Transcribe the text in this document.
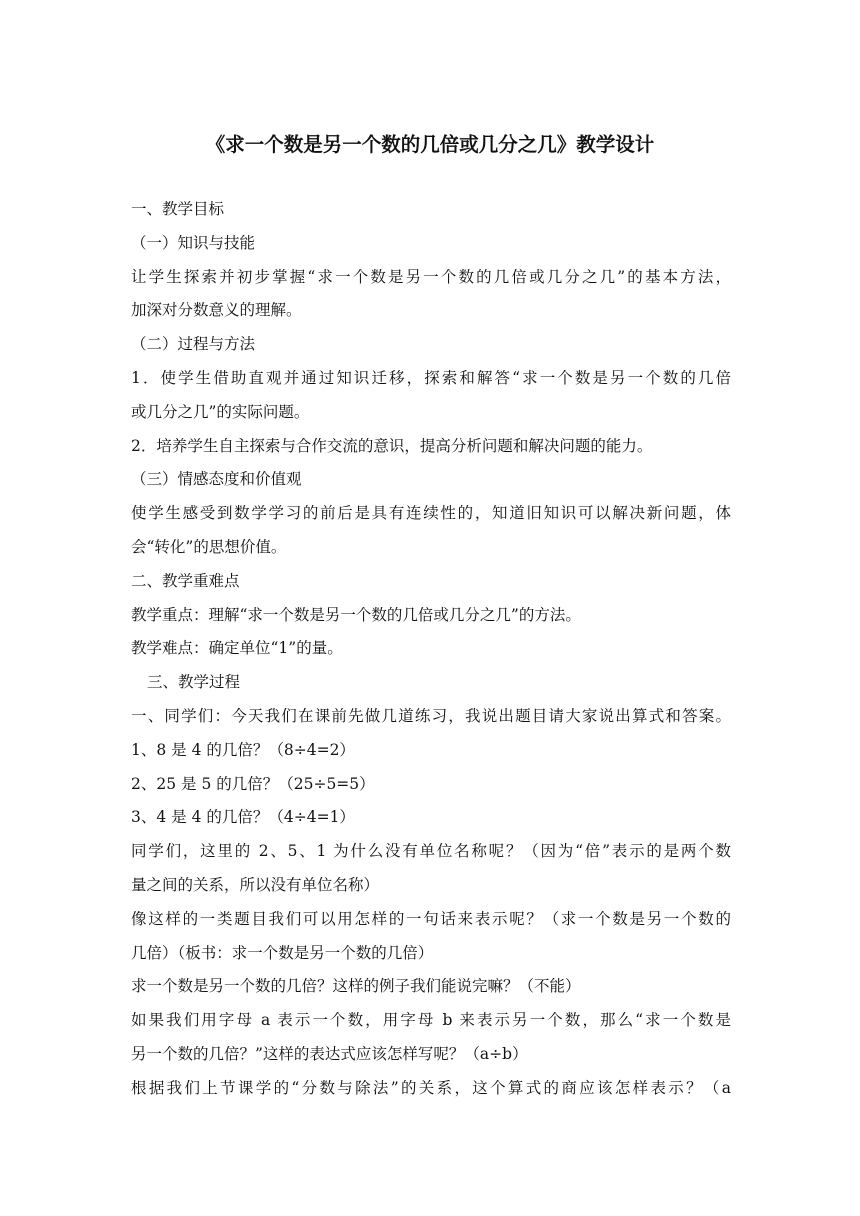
《求一个数是另一个数的几倍或几分之几》教学设计
一、教学目标
（一）知识与技能
让学生探索并初步掌握“求一个数是另一个数的几倍或几分之几”的基本方法，
加深对分数意义的理解。
（二）过程与方法
1．使学生借助直观并通过知识迁移，探索和解答“求一个数是另一个数的几倍
或几分之几”的实际问题。
2．培养学生自主探索与合作交流的意识，提高分析问题和解决问题的能力。
（三）情感态度和价值观
使学生感受到数学学习的前后是具有连续性的，知道旧知识可以解决新问题，体
会“转化”的思想价值。
二、教学重难点
教学重点：理解“求一个数是另一个数的几倍或几分之几”的方法。
教学难点：确定单位“1”的量。
三、教学过程
一、同学们：今天我们在课前先做几道练习，我说出题目请大家说出算式和答案。
1、8 是 4 的几倍？（8÷4=2）
2、25 是 5 的几倍？（25÷5=5）
3、4 是 4 的几倍？（4÷4=1）
同学们，这里的 2、5、1 为什么没有单位名称呢？（因为“倍”表示的是两个数
量之间的关系，所以没有单位名称）
像这样的一类题目我们可以用怎样的一句话来表示呢？（求一个数是另一个数的
几倍）（板书：求一个数是另一个数的几倍）
求一个数是另一个数的几倍？这样的例子我们能说完嘛？（不能）
如果我们用字母 a 表示一个数，用字母 b 来表示另一个数，那么“求一个数是
另一个数的几倍？”这样的表达式应该怎样写呢？（a÷b）
根据我们上节课学的“分数与除法”的关系，这个算式的商应该怎样表示？（a
